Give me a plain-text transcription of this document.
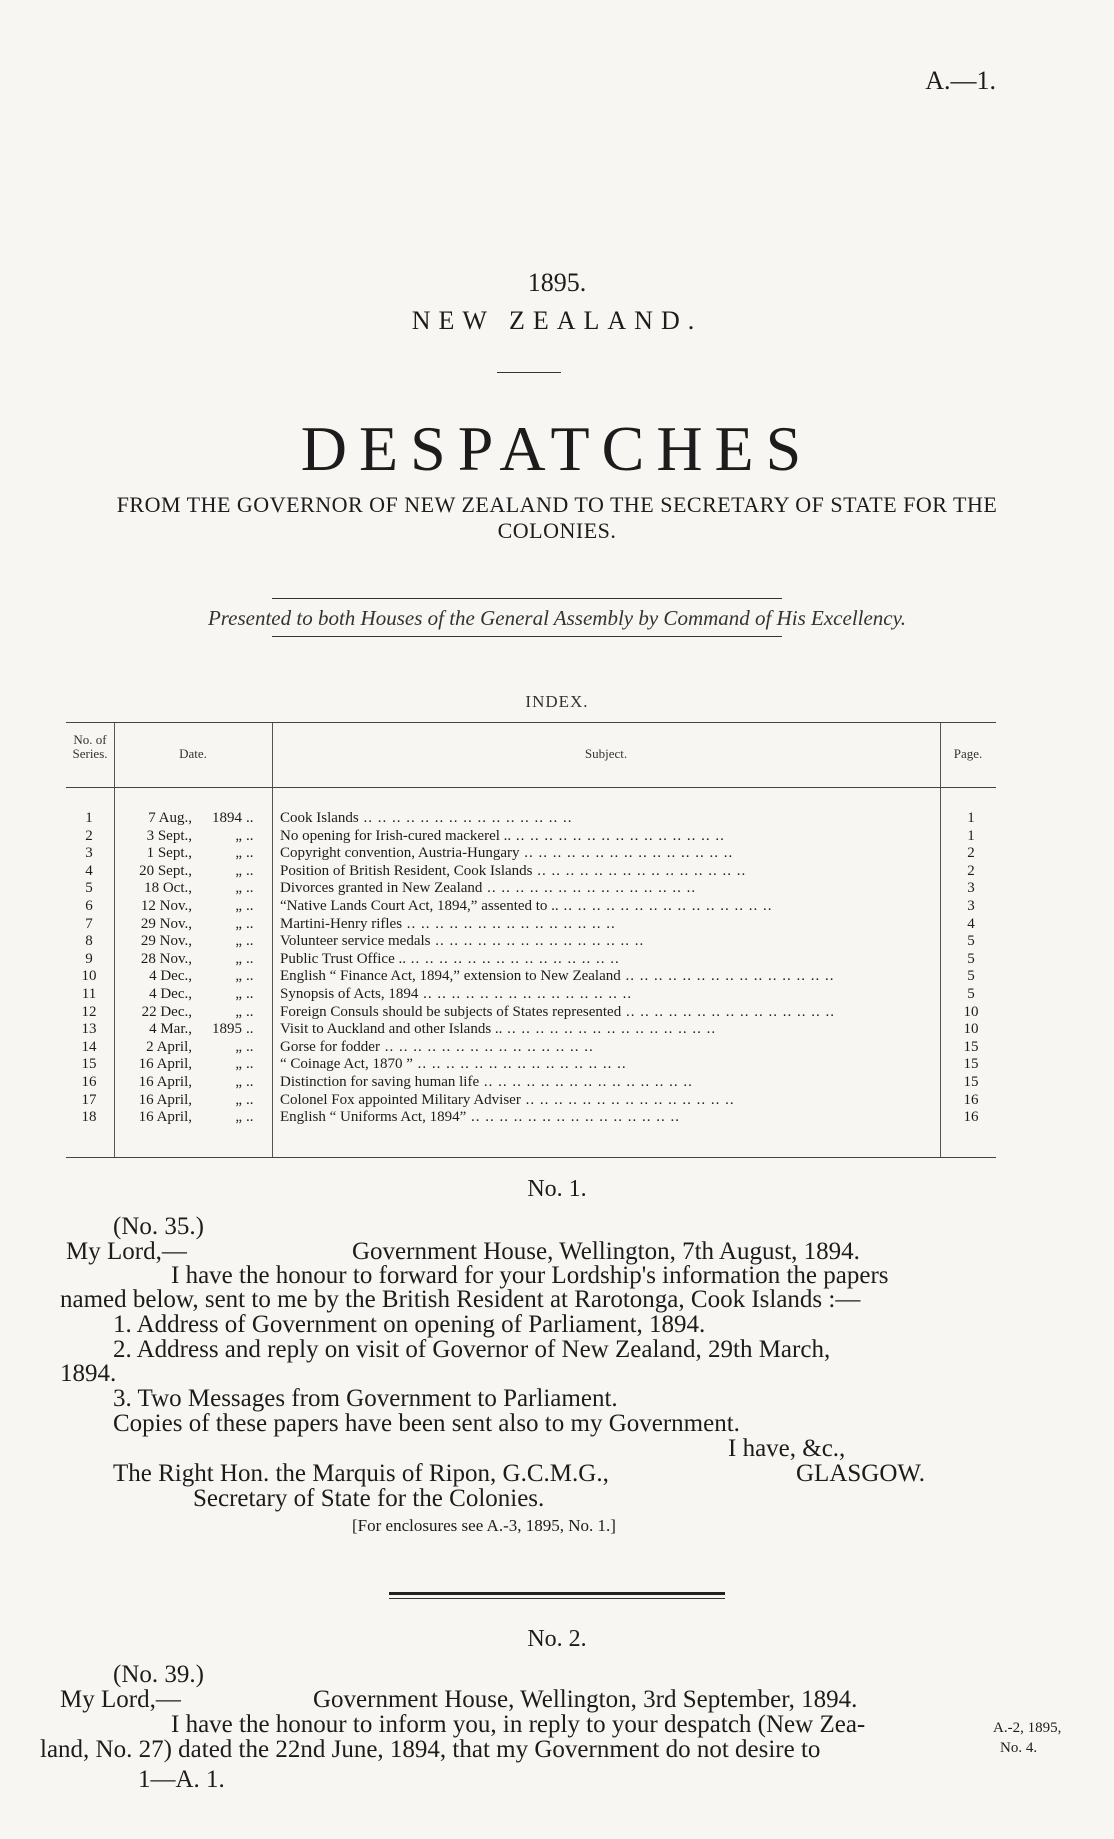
A.—1.
1895.
NEW ZEALAND.
DESPATCHES
FROM THE GOVERNOR OF NEW ZEALAND TO THE SECRETARY OF STATE FOR THE COLONIES.
Presented to both Houses of the General Assembly by Command of His Excellency.
INDEX.
No. of Series.	Date.	Subject.	Page.
1	7 Aug., 1894 ..	Cook Islands .. .. .. .. .. .. .. .. .. .. .. .. .. .. ..	1
2	3 Sept.,	„ ..	No opening for Irish-cured mackerel .. .. .. .. .. .. .. .. .. .. .. .. .. .. .. ..	1
3	1 Sept.,	„ ..	Copyright convention, Austria-Hungary .. .. .. .. .. .. .. .. .. .. .. .. .. .. ..	2
4	20 Sept.,	„ ..	Position of British Resident, Cook Islands .. .. .. .. .. .. .. .. .. .. .. .. .. .. ..	2
5	18 Oct.,	„ ..	Divorces granted in New Zealand .. .. .. .. .. .. .. .. .. .. .. .. .. .. ..	3
6	12 Nov.,	„ ..	“Native Lands Court Act, 1894,” assented to .. .. .. .. .. .. .. .. .. .. .. .. .. .. .. ..	3
7	29 Nov.,	„ ..	Martini-Henry rifles .. .. .. .. .. .. .. .. .. .. .. .. .. .. ..	4
8	29 Nov.,	„ ..	Volunteer service medals .. .. .. .. .. .. .. .. .. .. .. .. .. .. ..	5
9	28 Nov.,	„ ..	Public Trust Office .. .. .. .. .. .. .. .. .. .. .. .. .. .. .. ..	5
10	4 Dec.,	„ ..	English “ Finance Act, 1894,” extension to New Zealand .. .. .. .. .. .. .. .. .. .. .. .. .. .. ..	5
11	4 Dec.,	„ ..	Synopsis of Acts, 1894 .. .. .. .. .. .. .. .. .. .. .. .. .. .. ..	5
12	22 Dec.,	„ ..	Foreign Consuls should be subjects of States represented .. .. .. .. .. .. .. .. .. .. .. .. .. .. ..	10
13	4 Mar., 1895 ..	Visit to Auckland and other Islands .. .. .. .. .. .. .. .. .. .. .. .. .. .. .. ..	10
14	2 April,	„ ..	Gorse for fodder .. .. .. .. .. .. .. .. .. .. .. .. .. .. ..	15
15	16 April,	„ ..	“ Coinage Act, 1870 ” .. .. .. .. .. .. .. .. .. .. .. .. .. .. ..	15
16	16 April,	„ ..	Distinction for saving human life .. .. .. .. .. .. .. .. .. .. .. .. .. .. ..	15
17	16 April,	„ ..	Colonel Fox appointed Military Adviser .. .. .. .. .. .. .. .. .. .. .. .. .. .. ..	16
18	16 April,	„ ..	English “ Uniforms Act, 1894” .. .. .. .. .. .. .. .. .. .. .. .. .. .. ..	16
No. 1.
(No. 35.)
My Lord,—	Government House, Wellington, 7th August, 1894.
I have the honour to forward for your Lordship's information the papers
named below, sent to me by the British Resident at Rarotonga, Cook Islands :—
1. Address of Government on opening of Parliament, 1894.
2. Address and reply on visit of Governor of New Zealand, 29th March,
1894.
3. Two Messages from Government to Parliament.
Copies of these papers have been sent also to my Government.
I have, &c.,
The Right Hon. the Marquis of Ripon, G.C.M.G.,	GLASGOW.
Secretary of State for the Colonies.
[For enclosures see A.-3, 1895, No. 1.]
No. 2.
(No. 39.)
My Lord,—	Government House, Wellington, 3rd September, 1894.
I have the honour to inform you, in reply to your despatch (New Zea-
land, No. 27) dated the 22nd June, 1894, that my Government do not desire to
A.-2, 1895,
No. 4.
1—A. 1.
